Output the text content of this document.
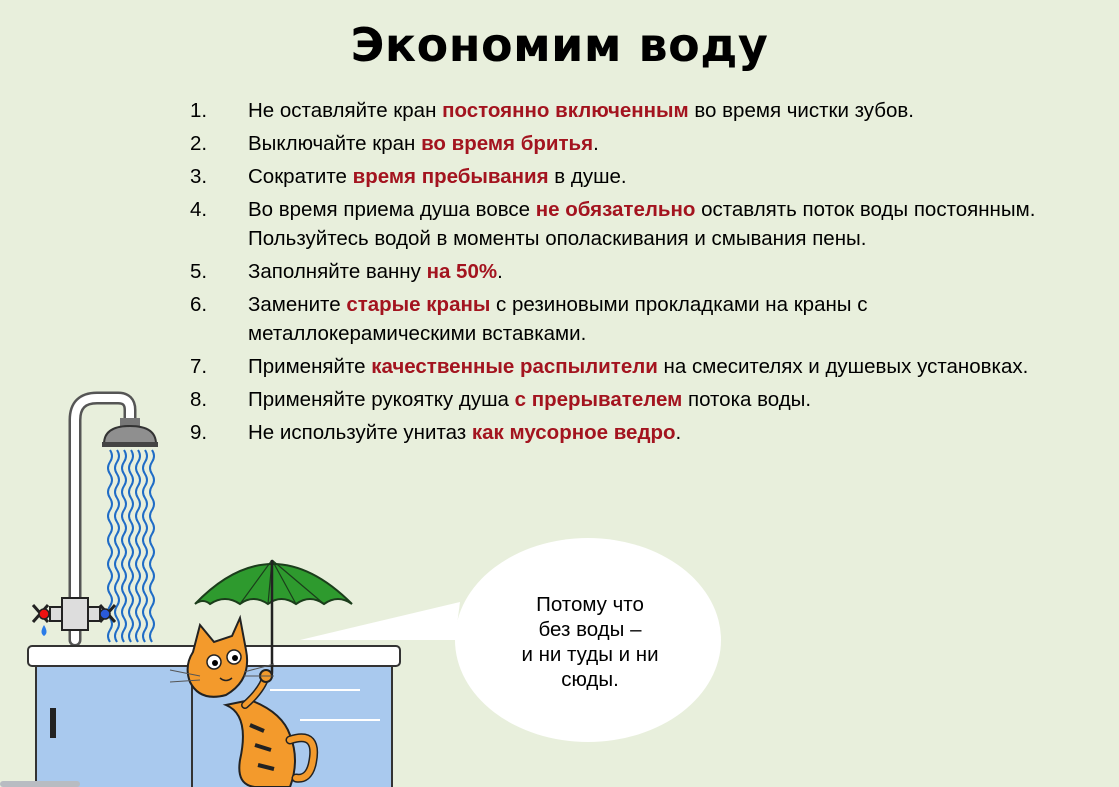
Экономим воду
1.	Не оставляйте кран постоянно включенным во время чистки зубов.
2.	Выключайте кран во время бритья.
3.	Сократите время пребывания в душе.
4.	Во время приема душа вовсе не обязательно оставлять поток воды постоянным. Пользуйтесь водой в моменты ополаскивания и смывания пены.
5.	Заполняйте ванну на 50%.
6.	Замените старые краны с резиновыми прокладками на краны с металлокерамическими вставками.
7.	Применяйте качественные распылители на смесителях и душевых установках.
8.	Применяйте рукоятку душа с прерывателем потока воды.
9.	Не используйте унитаз как мусорное ведро.
Потому что
без воды –
и ни туды и ни
сюды.
